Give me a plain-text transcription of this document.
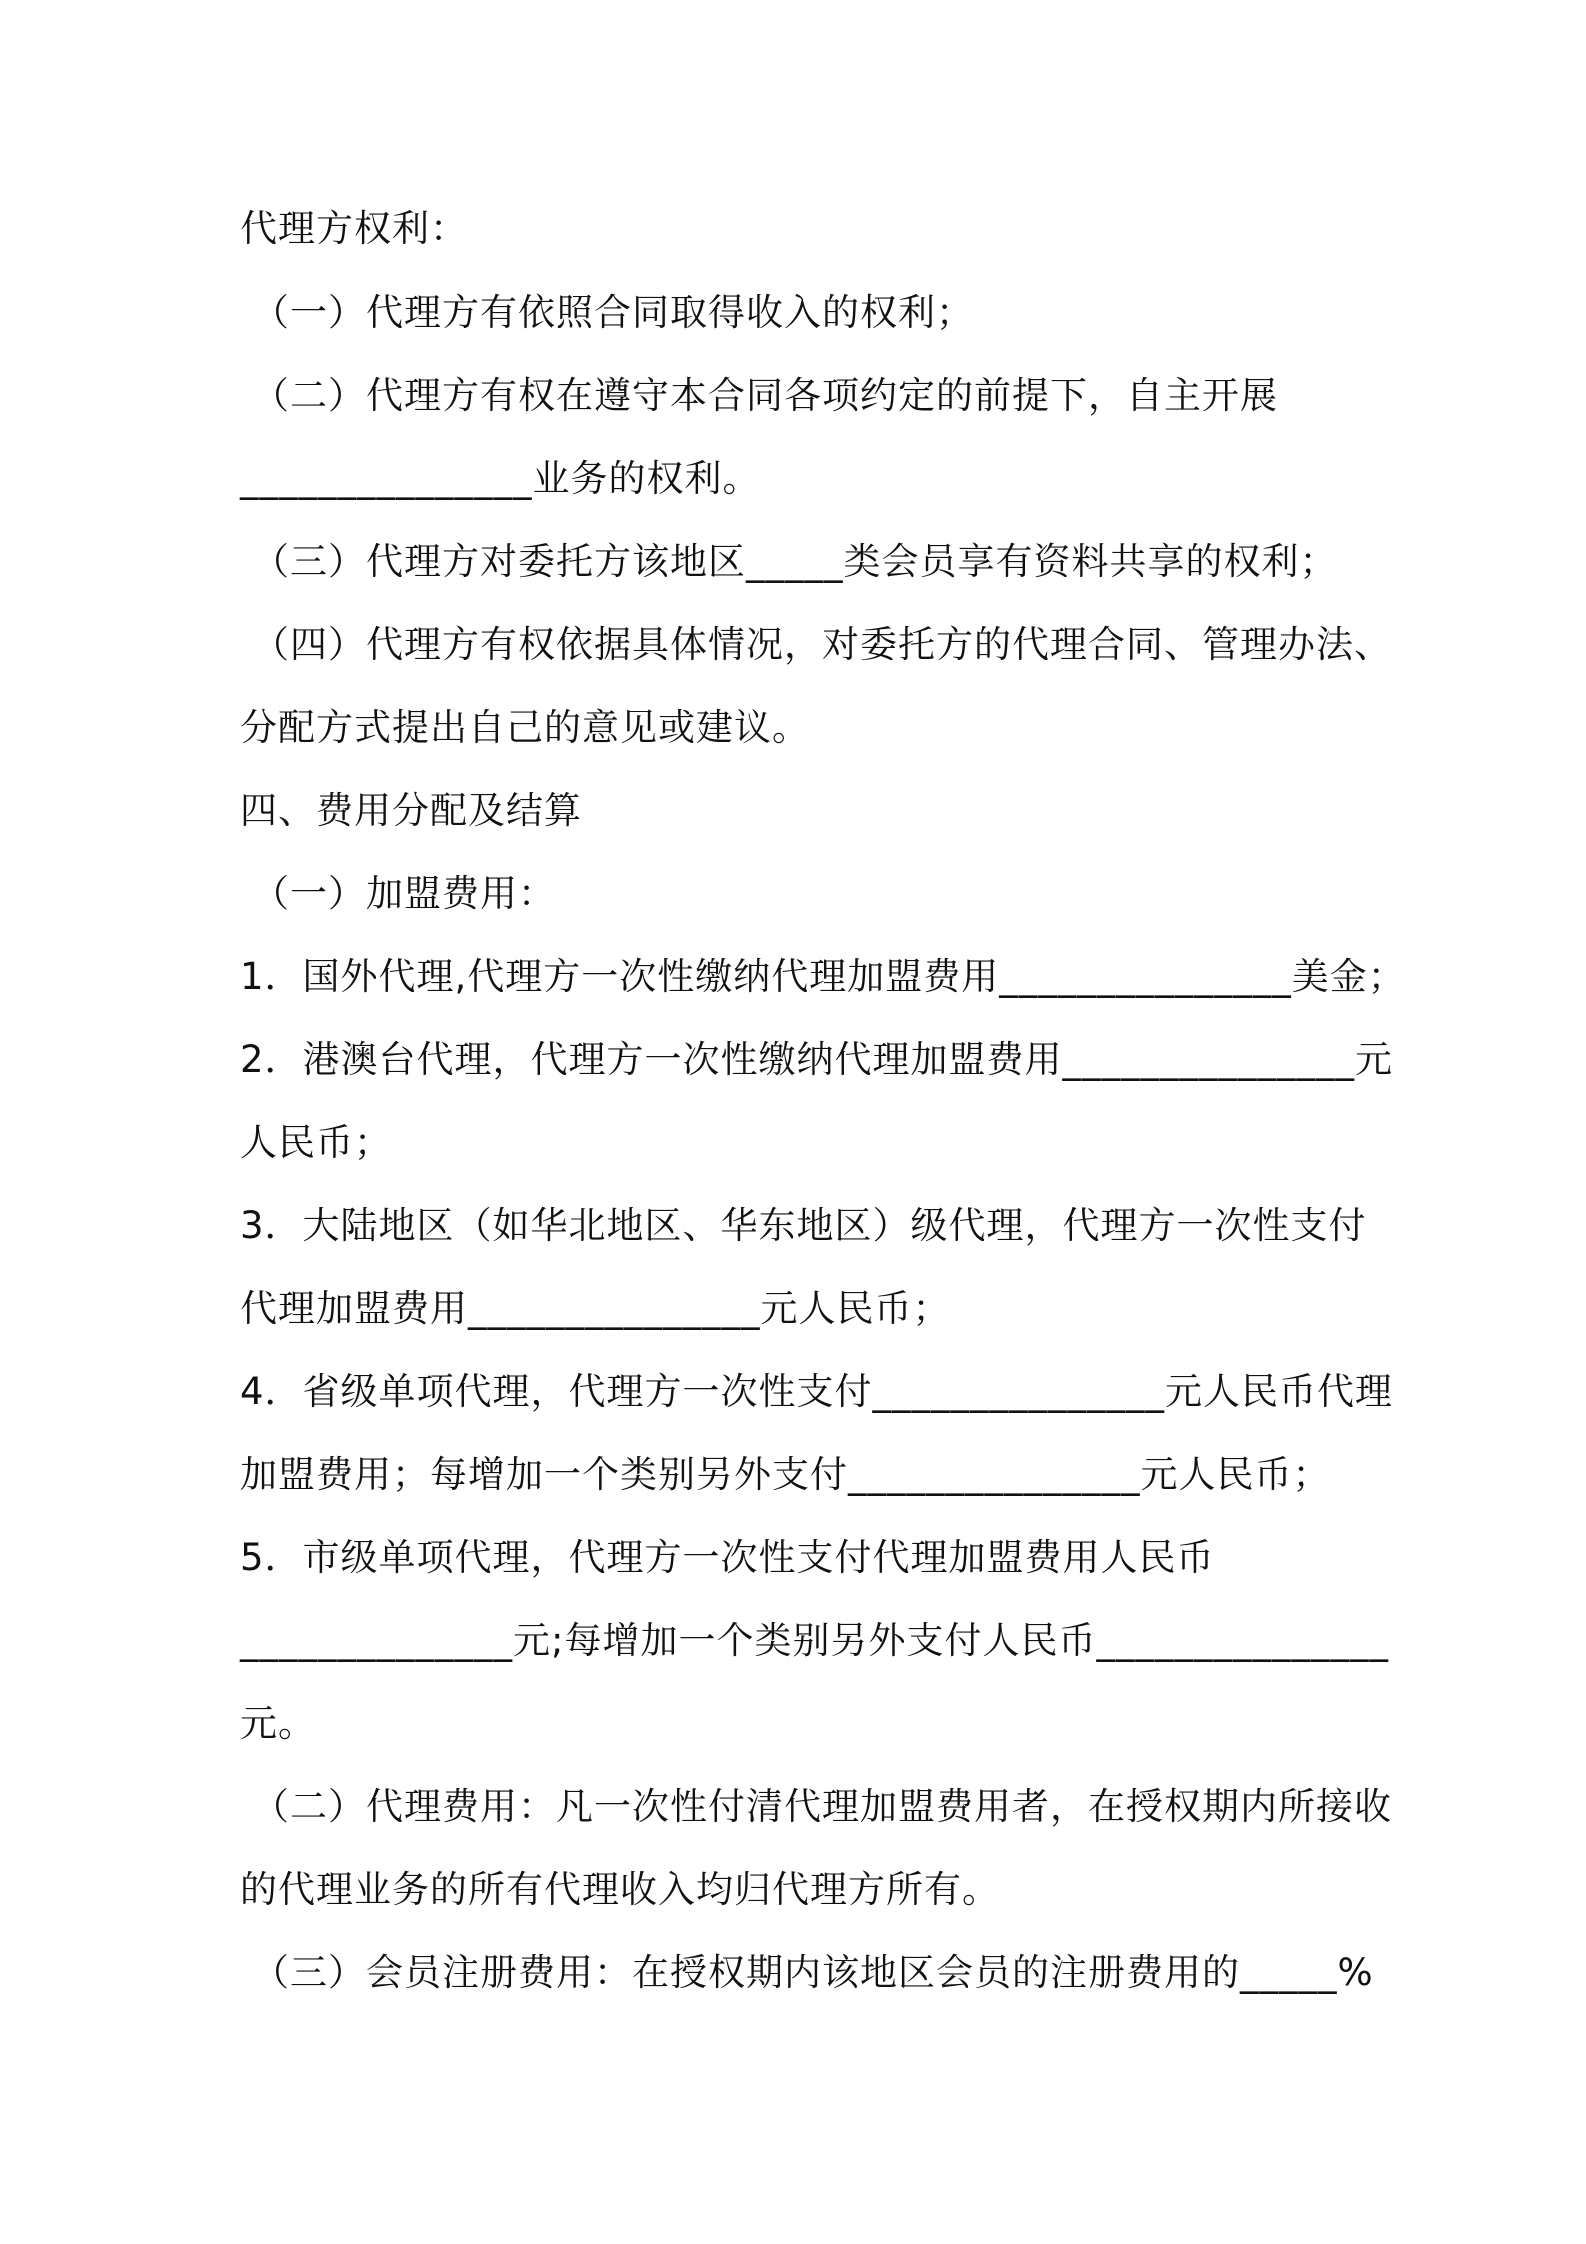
代理方权利：
（一）代理方有依照合同取得收入的权利；
（二）代理方有权在遵守本合同各项约定的前提下，自主开展
_______________业务的权利。
（三）代理方对委托方该地区_____类会员享有资料共享的权利；
（四）代理方有权依据具体情况，对委托方的代理合同、管理办法、
分配方式提出自己的意见或建议。
四、费用分配及结算
（一）加盟费用：
1．国外代理,代理方一次性缴纳代理加盟费用_______________美金；
2．港澳台代理，代理方一次性缴纳代理加盟费用_______________元
人民币；
3．大陆地区（如华北地区、华东地区）级代理，代理方一次性支付
代理加盟费用_______________元人民币；
4．省级单项代理，代理方一次性支付_______________元人民币代理
加盟费用；每增加一个类别另外支付_______________元人民币；
5．市级单项代理，代理方一次性支付代理加盟费用人民币
______________元;每增加一个类别另外支付人民币_______________
元。
（二）代理费用：凡一次性付清代理加盟费用者，在授权期内所接收
的代理业务的所有代理收入均归代理方所有。
（三）会员注册费用：在授权期内该地区会员的注册费用的_____%
